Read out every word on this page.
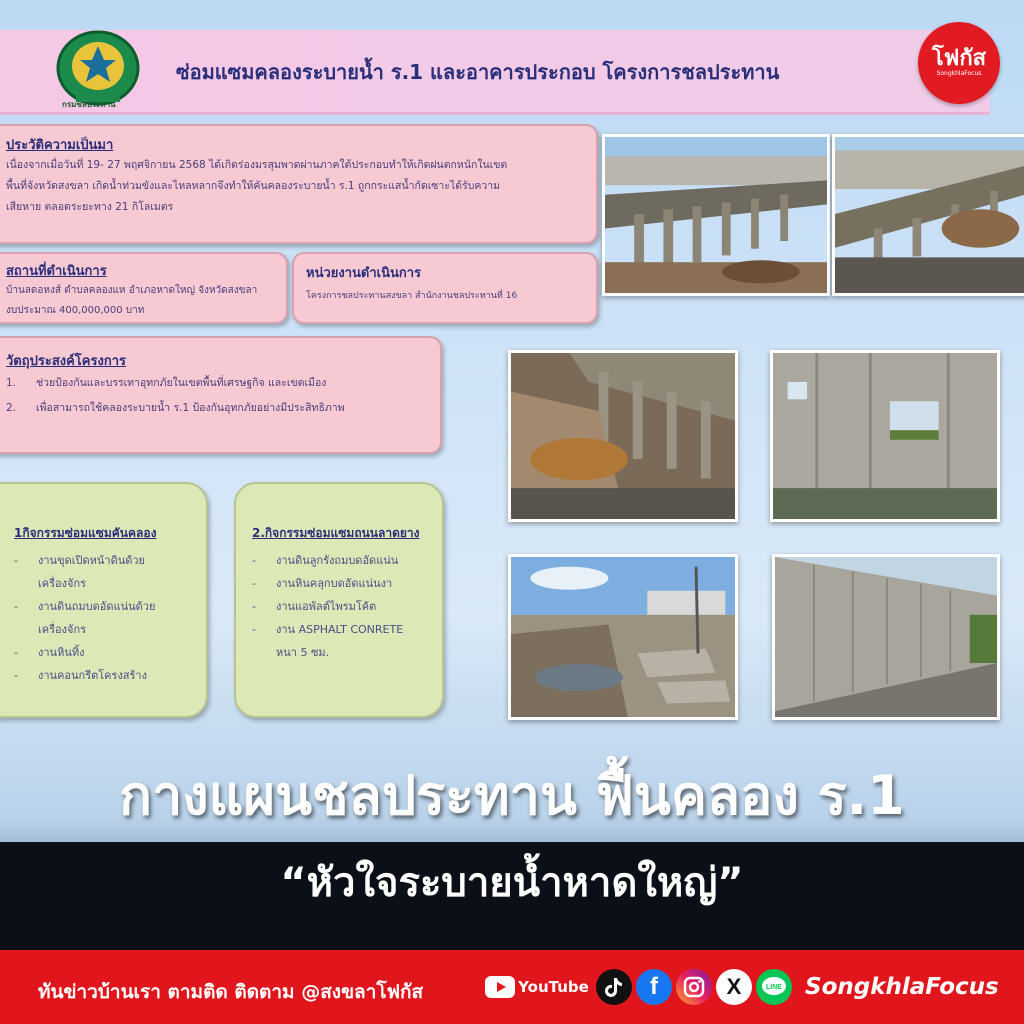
กรมชลประทาน
ซ่อมแซมคลองระบายน้ำ ร.1 และอาคารประกอบ โครงการชลประทาน
โฟกัส
SongkhlaFocus
ประวัติความเป็นมา
เนื่องจากเมื่อวันที่ 19- 27 พฤศจิกายน 2568 ได้เกิดร่องมรสุมพาดผ่านภาคใต้ประกอบทำให้เกิดฝนตกหนักในเขต
พื้นที่จังหวัดสงขลา เกิดน้ำท่วมขังและไหลหลากจึงทำให้คันคลองระบายน้ำ ร.1 ถูกกระแสน้ำกัดเซาะได้รับความ
เสียหาย ตลอดระยะทาง 21 กิโลเมตร
สถานที่ดำเนินการ
บ้านลดอหงส์ ตำบลคลองแห อำเภอหาดใหญ่ จังหวัดสงขลา
งบประมาณ 400,000,000 บาท
หน่วยงานดำเนินการ
โครงการชลประทานสงขลา สำนักงานชลประทานที่ 16
วัตถุประสงค์โครงการ
1. ช่วยป้องกันและบรรเทาอุทกภัยในเขตพื้นที่เศรษฐกิจ และเขตเมือง
2. เพื่อสามารถใช้คลองระบายน้ำ ร.1 ป้องกันอุทกภัยอย่างมีประสิทธิภาพ
1กิจกรรมซ่อมแซมคันคลอง
- งานขุดเปิดหน้าดินด้วย
เครื่องจักร
- งานดินถมบดอัดแน่นด้วย
เครื่องจักร
- งานหินทิ้ง
- งานคอนกรีตโครงสร้าง
2.กิจกรรมซ่อมแซมถนนลาดยาง
- งานดินลูกรังถมบดอัดแน่น
- งานหินคลุกบดอัดแน่นงา
- งานแอพัลต์ไพรมโค้ต
- งาน ASPHALT CONRETE
หนา 5 ซม.
กางแผนชลประทาน ฟื้นคลอง ร.1
“หัวใจระบายน้ำหาดใหญ่”
ทันข่าวบ้านเรา ตามติด ติดตาม @สงขลาโฟกัส	YouTube	f	X	LINE SongkhlaFocus
